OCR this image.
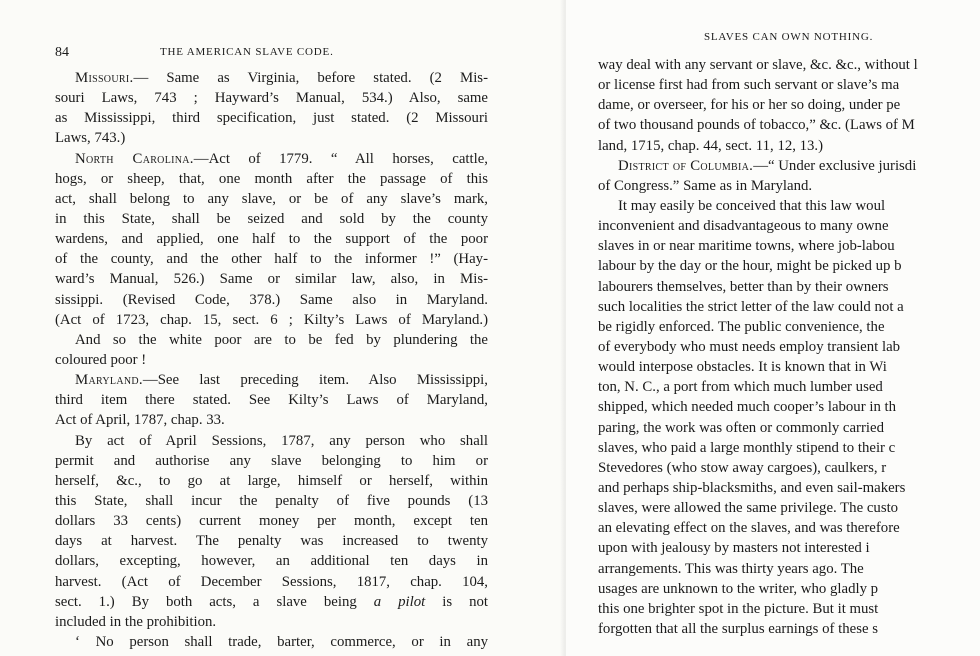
84	THE AMERICAN SLAVE CODE.
Missouri.— Same as Virginia, before stated. (2 Mis-
souri Laws, 743 ; Hayward’s Manual, 534.) Also, same
as Mississippi, third specification, just stated. (2 Missouri
Laws, 743.)
North Carolina.—Act of 1779. “ All horses, cattle,
hogs, or sheep, that, one month after the passage of this
act, shall belong to any slave, or be of any slave’s mark,
in this State, shall be seized and sold by the county
wardens, and applied, one half to the support of the poor
of the county, and the other half to the informer !” (Hay-
ward’s Manual, 526.) Same or similar law, also, in Mis-
sissippi. (Revised Code, 378.) Same also in Maryland.
(Act of 1723, chap. 15, sect. 6 ; Kilty’s Laws of Maryland.)
And so the white poor are to be fed by plundering the
coloured poor !
Maryland.—See last preceding item. Also Mississippi,
third item there stated. See Kilty’s Laws of Maryland,
Act of April, 1787, chap. 33.
By act of April Sessions, 1787, any person who shall
permit and authorise any slave belonging to him or
herself, &c., to go at large, himself or herself, within
this State, shall incur the penalty of five pounds (13
dollars 33 cents) current money per month, except ten
days at harvest. The penalty was increased to twenty
dollars, excepting, however, an additional ten days in
harvest. (Act of December Sessions, 1817, chap. 104,
sect. 1.) By both acts, a slave being a pilot is not
included in the prohibition.
‘ No person shall trade, barter, commerce, or in any
SLAVES CAN OWN NOTHING.
way deal with any servant or slave, &c. &c., without l
or license first had from such servant or slave’s ma
dame, or overseer, for his or her so doing, under pe
of two thousand pounds of tobacco,” &c. (Laws of M
land, 1715, chap. 44, sect. 11, 12, 13.)
District of Columbia.—“ Under exclusive jurisdi
of Congress.” Same as in Maryland.
It may easily be conceived that this law woul
inconvenient and disadvantageous to many owne
slaves in or near maritime towns, where job-labou
labour by the day or the hour, might be picked up b
labourers themselves, better than by their owners
such localities the strict letter of the law could not a
be rigidly enforced. The public convenience, the
of everybody who must needs employ transient lab
would interpose obstacles. It is known that in Wi
ton, N. C., a port from which much lumber used
shipped, which needed much cooper’s labour in th
paring, the work was often or commonly carried
slaves, who paid a large monthly stipend to their c
Stevedores (who stow away cargoes), caulkers, r
and perhaps ship-blacksmiths, and even sail-makers
slaves, were allowed the same privilege. The custo
an elevating effect on the slaves, and was therefore
upon with jealousy by masters not interested i
arrangements. This was thirty years ago. The
usages are unknown to the writer, who gladly p
this one brighter spot in the picture. But it must
forgotten that all the surplus earnings of these s
